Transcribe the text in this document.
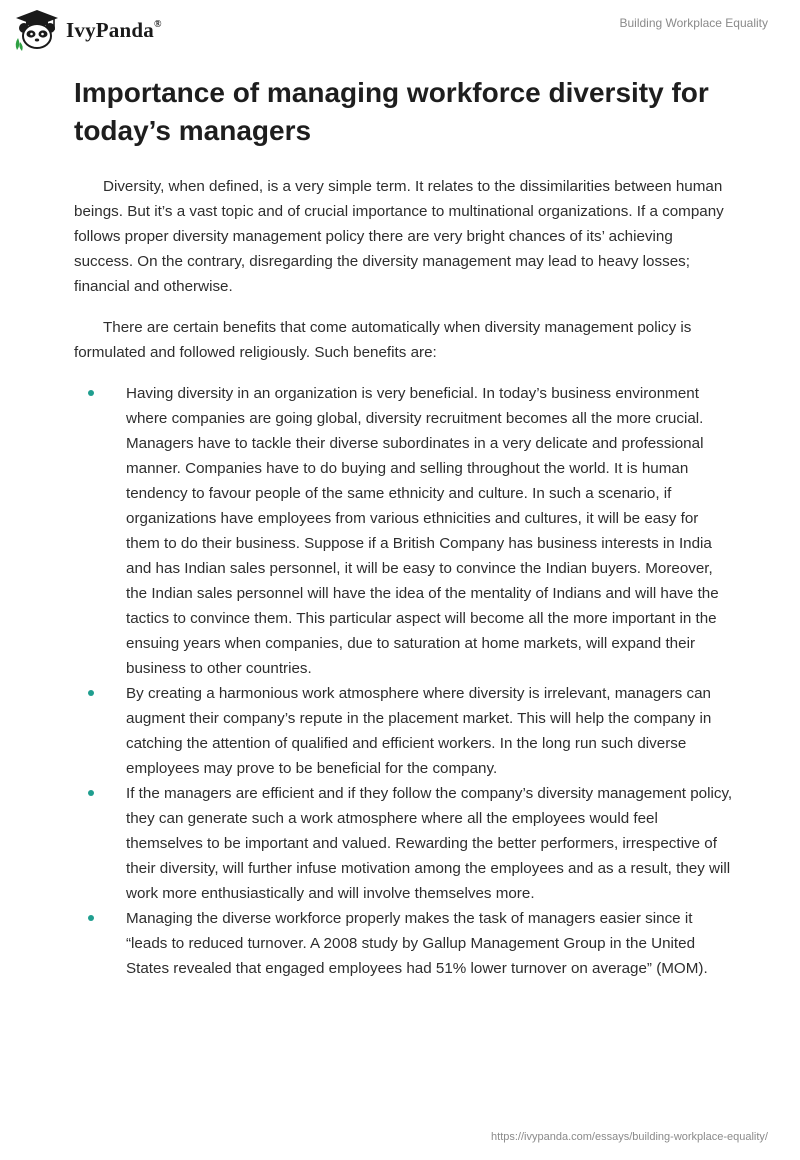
IvyPanda®	Building Workplace Equality
Importance of managing workforce diversity for today’s managers

Diversity, when defined, is a very simple term. It relates to the dissimilarities between human beings. But it’s a vast topic and of crucial importance to multinational organizations. If a company follows proper diversity management policy there are very bright chances of its’ achieving success. On the contrary, disregarding the diversity management may lead to heavy losses; financial and otherwise.

There are certain benefits that come automatically when diversity management policy is formulated and followed religiously. Such benefits are:

Having diversity in an organization is very beneficial. In today’s business environment where companies are going global, diversity recruitment becomes all the more crucial. Managers have to tackle their diverse subordinates in a very delicate and professional manner. Companies have to do buying and selling throughout the world. It is human tendency to favour people of the same ethnicity and culture. In such a scenario, if organizations have employees from various ethnicities and cultures, it will be easy for them to do their business. Suppose if a British Company has business interests in India and has Indian sales personnel, it will be easy to convince the Indian buyers. Moreover, the Indian sales personnel will have the idea of the mentality of Indians and will have the tactics to convince them. This particular aspect will become all the more important in the ensuing years when companies, due to saturation at home markets, will expand their business to other countries.
By creating a harmonious work atmosphere where diversity is irrelevant, managers can augment their company’s repute in the placement market. This will help the company in catching the attention of qualified and efficient workers. In the long run such diverse employees may prove to be beneficial for the company.
If the managers are efficient and if they follow the company’s diversity management policy, they can generate such a work atmosphere where all the employees would feel themselves to be important and valued. Rewarding the better performers, irrespective of their diversity, will further infuse motivation among the employees and as a result, they will work more enthusiastically and will involve themselves more.
Managing the diverse workforce properly makes the task of managers easier since it “leads to reduced turnover. A 2008 study by Gallup Management Group in the United States revealed that engaged employees had 51% lower turnover on average” (MOM).
https://ivypanda.com/essays/building-workplace-equality/
